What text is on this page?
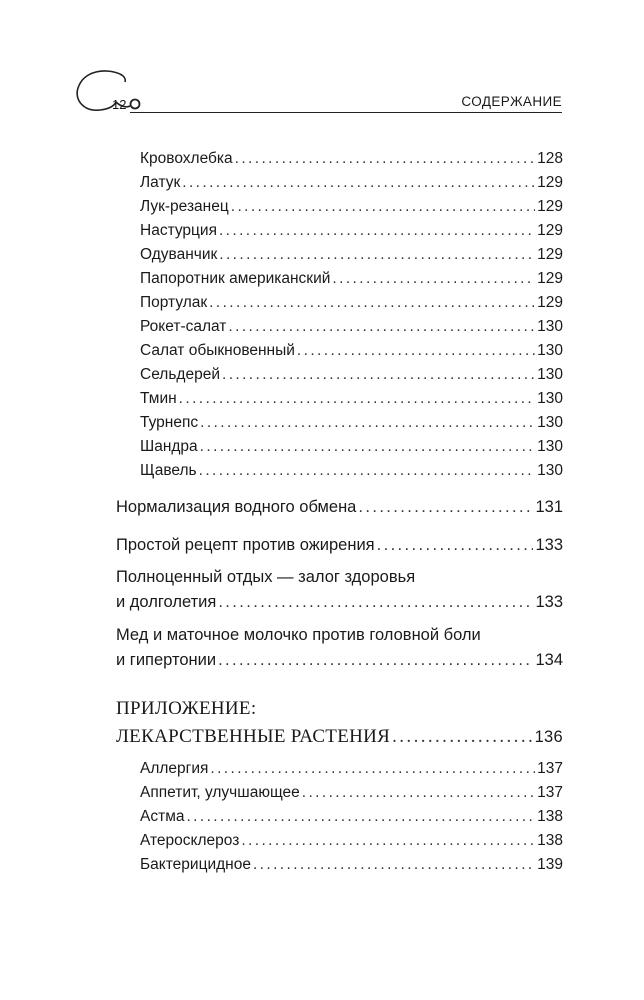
12	СОДЕРЖАНИЕ
Кровохлебка .....	128
Латук .....	129
Лук-резанец .....	129
Настурция .....	129
Одуванчик .....	129
Папоротник американский .....	129
Портулак .....	129
Рокет-салат .....	130
Салат обыкновенный .....	130
Сельдерей .....	130
Тмин .....	130
Турнепс .....	130
Шандра .....	130
Щавель .....	130
Нормализация водного обмена .....	131
Простой рецепт против ожирения .....	133
Полноценный отдых — залог здоровья
и долголетия .....	133
Мед и маточное молочко против головной боли
и гипертонии .....	134
ПРИЛОЖЕНИЕ:
ЛЕКАРСТВЕННЫЕ РАСТЕНИЯ .....	136
Аллергия .....	137
Аппетит, улучшающее .....	137
Астма .....	138
Атеросклероз .....	138
Бактерицидное .....	139
